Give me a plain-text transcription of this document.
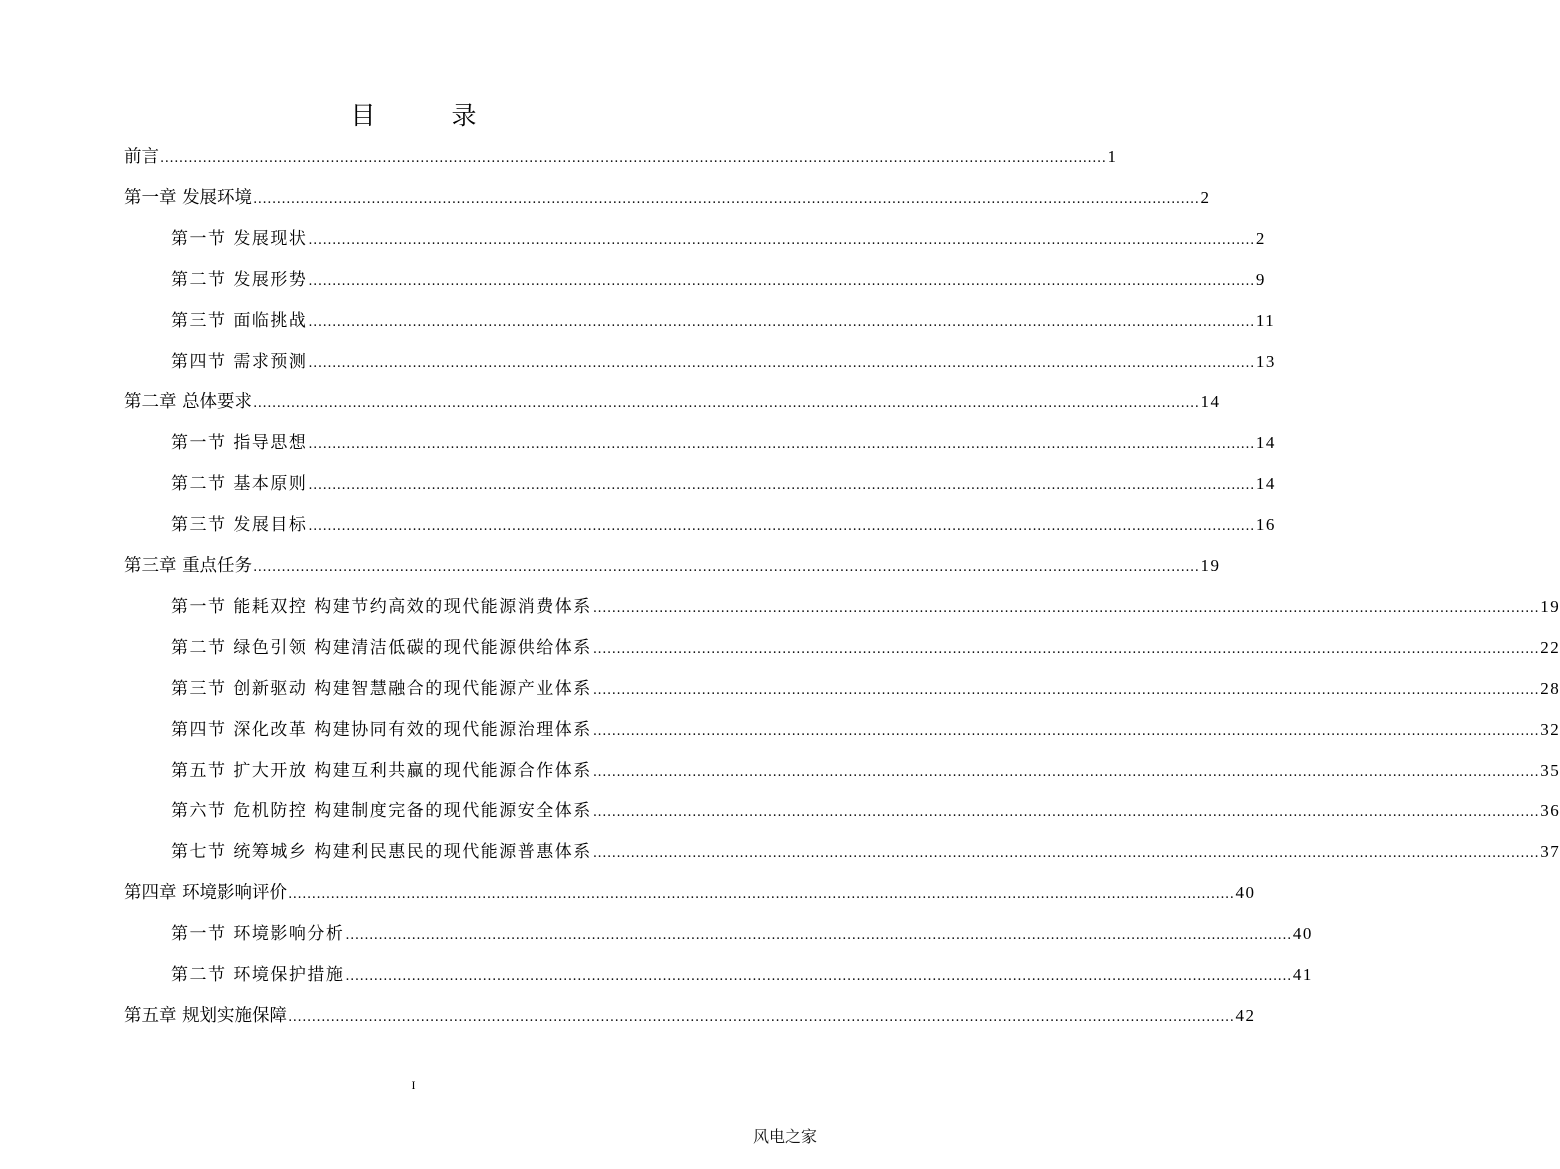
目 录
前言 ........................................................................................................................................................................................................ 1
第一章 发展环境 ........................................................................................................................................................................................................ 2
第一节 发展现状 ........................................................................................................................................................................................................ 2
第二节 发展形势 ........................................................................................................................................................................................................ 9
第三节 面临挑战 ........................................................................................................................................................................................................ 11
第四节 需求预测 ........................................................................................................................................................................................................ 13
第二章 总体要求 ........................................................................................................................................................................................................ 14
第一节 指导思想 ........................................................................................................................................................................................................ 14
第二节 基本原则 ........................................................................................................................................................................................................ 14
第三节 发展目标 ........................................................................................................................................................................................................ 16
第三章 重点任务 ........................................................................................................................................................................................................ 19
第一节 能耗双控 构建节约高效的现代能源消费体系 ........................................................................................................................................................................................................ 19
第二节 绿色引领 构建清洁低碳的现代能源供给体系 ........................................................................................................................................................................................................ 22
第三节 创新驱动 构建智慧融合的现代能源产业体系 ........................................................................................................................................................................................................ 28
第四节 深化改革 构建协同有效的现代能源治理体系 ........................................................................................................................................................................................................ 32
第五节 扩大开放 构建互利共赢的现代能源合作体系 ........................................................................................................................................................................................................ 35
第六节 危机防控 构建制度完备的现代能源安全体系 ........................................................................................................................................................................................................ 36
第七节 统筹城乡 构建利民惠民的现代能源普惠体系 ........................................................................................................................................................................................................ 37
第四章 环境影响评价 ........................................................................................................................................................................................................ 40
第一节 环境影响分析 ........................................................................................................................................................................................................ 40
第二节 环境保护措施 ........................................................................................................................................................................................................ 41
第五章 规划实施保障 ........................................................................................................................................................................................................ 42
I
风电之家
